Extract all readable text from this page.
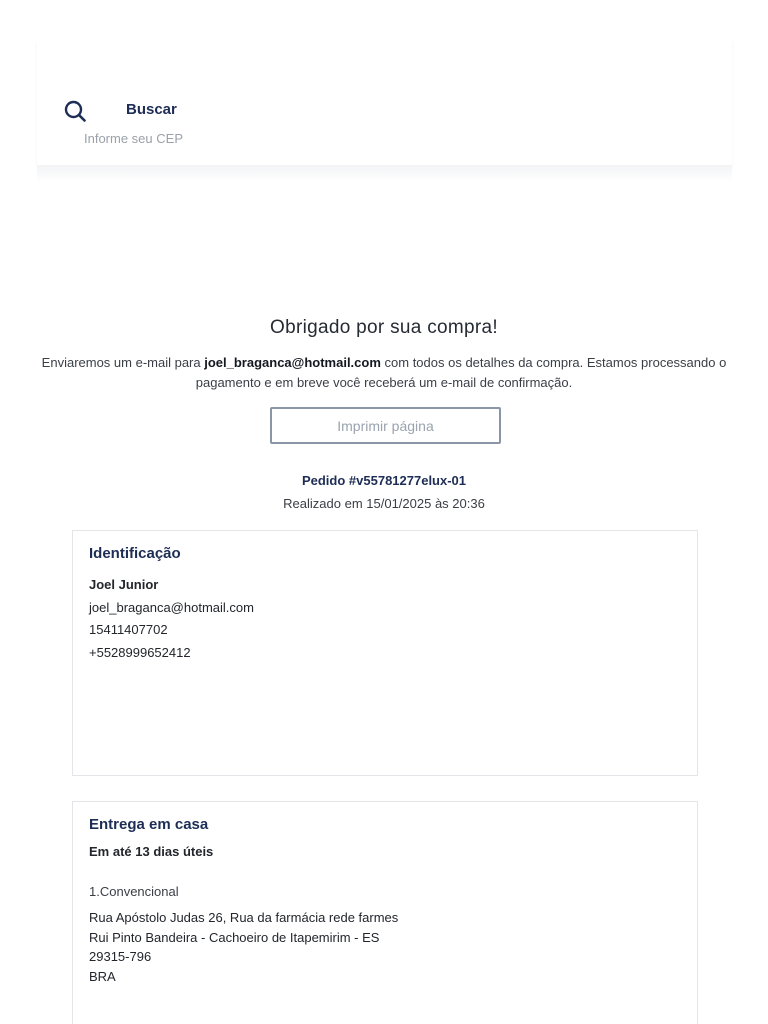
Buscar
Informe seu CEP
Obrigado por sua compra!

Enviaremos um e-mail para joel_braganca@hotmail.com com todos os detalhes da compra. Estamos processando o pagamento e em breve você receberá um e-mail de confirmação.

Imprimir página
Pedido #v55781277elux-01
Realizado em 15/01/2025 às 20:36
Identificação
Joel Junior
joel_braganca@hotmail.com
15411407702
+5528999652412
Entrega em casa
Em até 13 dias úteis
1.Convencional
Rua Apóstolo Judas 26, Rua da farmácia rede farmes
Rui Pinto Bandeira - Cachoeiro de Itapemirim - ES
29315-796
BRA
